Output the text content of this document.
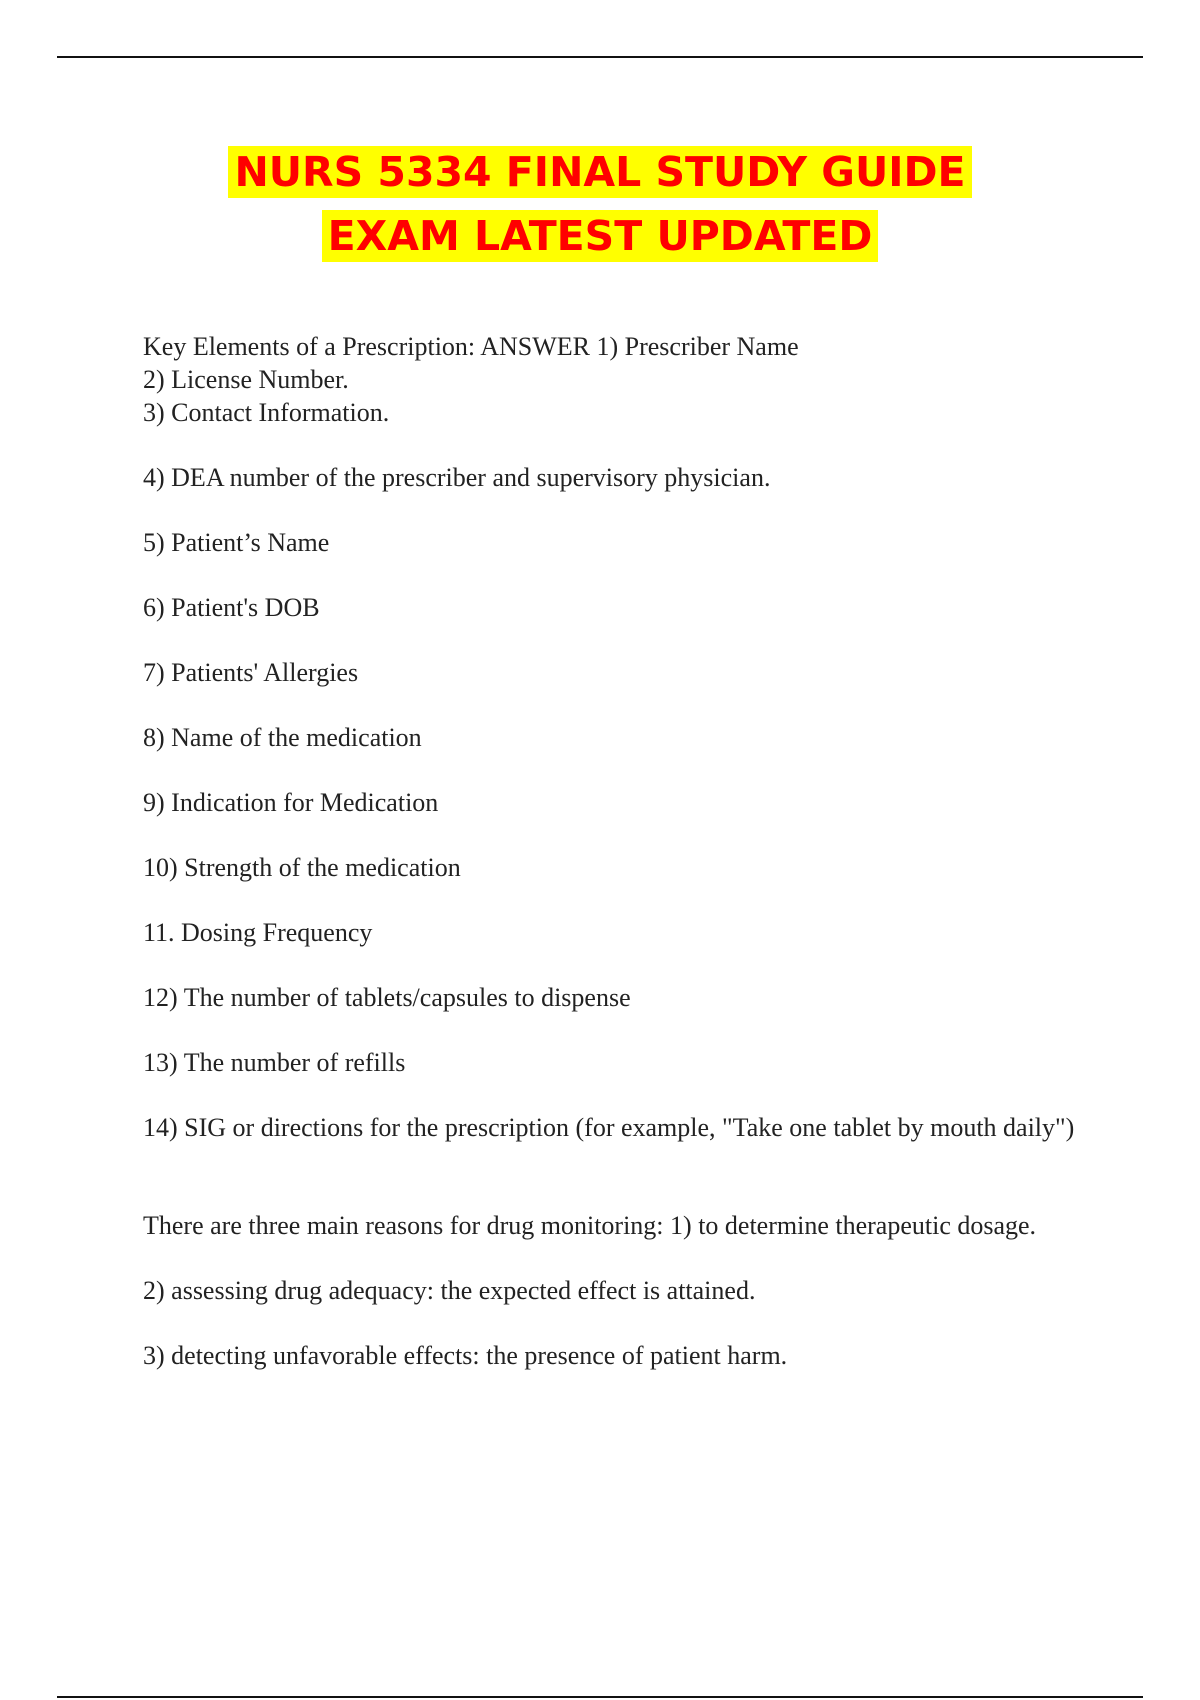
NURS 5334 FINAL STUDY GUIDE
EXAM LATEST UPDATED

Key Elements of a Prescription: ANSWER 1) Prescriber Name

2) License Number.

3) Contact Information.

4) DEA number of the prescriber and supervisory physician.

5) Patient’s Name

6) Patient's DOB

7) Patients' Allergies

8) Name of the medication

9) Indication for Medication

10) Strength of the medication

11. Dosing Frequency

12) The number of tablets/capsules to dispense

13) The number of refills

14) SIG or directions for the prescription (for example, "Take one tablet by mouth daily")

There are three main reasons for drug monitoring: 1) to determine therapeutic dosage.

2) assessing drug adequacy: the expected effect is attained.

3) detecting unfavorable effects: the presence of patient harm.
